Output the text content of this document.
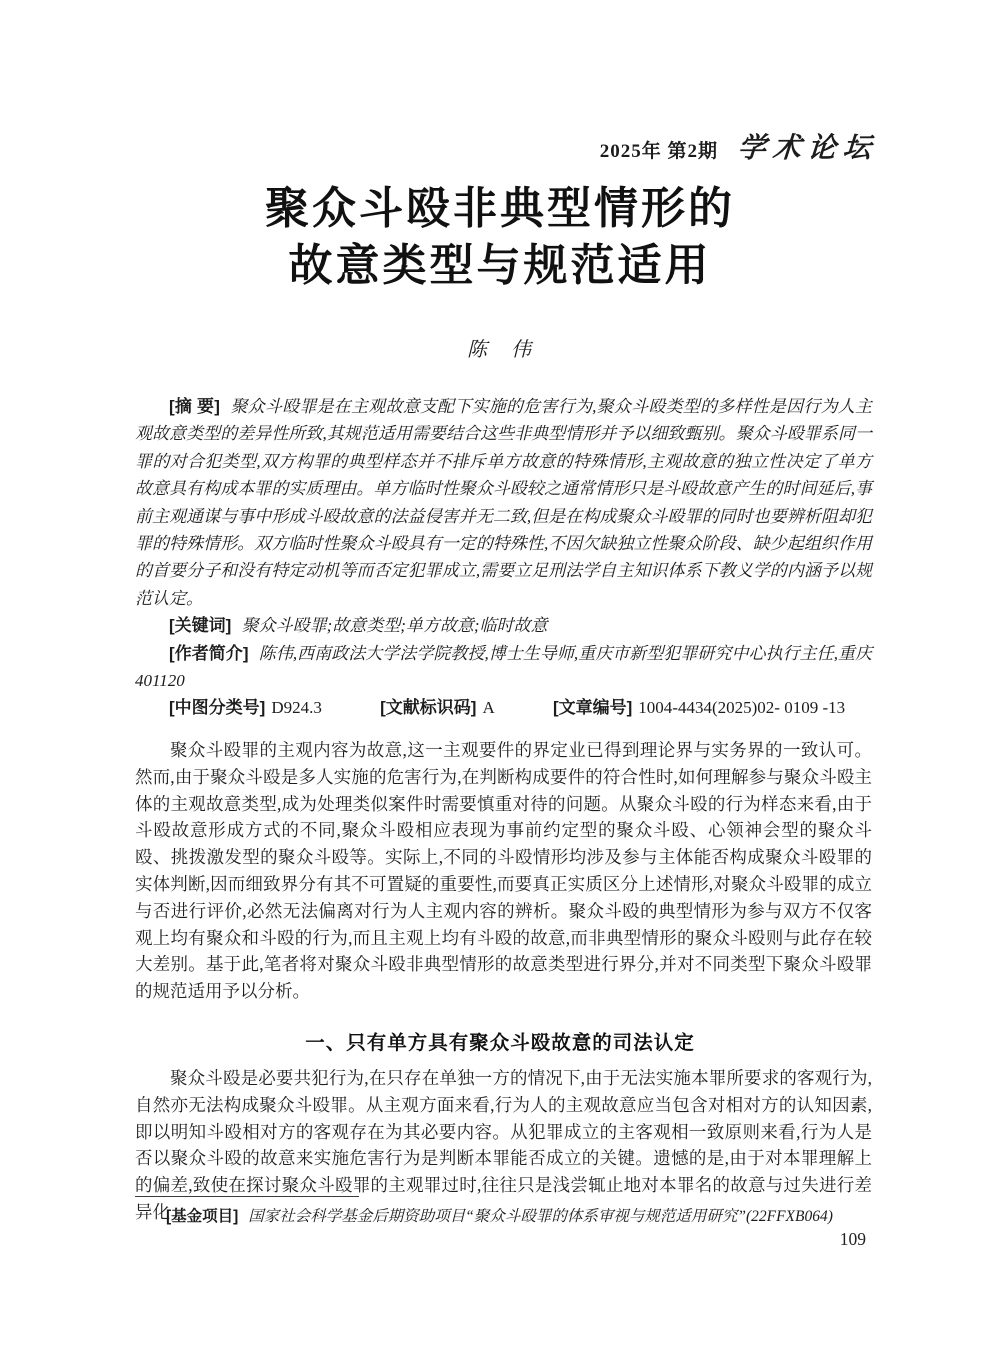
2025年 第2期 学术论坛
聚众斗殴非典型情形的
故意类型与规范适用
陈　伟

[摘 要] 聚众斗殴罪是在主观故意支配下实施的危害行为,聚众斗殴类型的多样性是因行为人主观故意类型的差异性所致,其规范适用需要结合这些非典型情形并予以细致甄别。聚众斗殴罪系同一罪的对合犯类型,双方构罪的典型样态并不排斥单方故意的特殊情形,主观故意的独立性决定了单方故意具有构成本罪的实质理由。单方临时性聚众斗殴较之通常情形只是斗殴故意产生的时间延后,事前主观通谋与事中形成斗殴故意的法益侵害并无二致,但是在构成聚众斗殴罪的同时也要辨析阻却犯罪的特殊情形。双方临时性聚众斗殴具有一定的特殊性,不因欠缺独立性聚众阶段、缺少起组织作用的首要分子和没有特定动机等而否定犯罪成立,需要立足刑法学自主知识体系下教义学的内涵予以规范认定。

[关键词] 聚众斗殴罪;故意类型;单方故意;临时故意

[作者简介] 陈伟,西南政法大学法学院教授,博士生导师,重庆市新型犯罪研究中心执行主任,重庆　401120

[中图分类号] D924.3	[文献标识码] A	[文章编号] 1004-4434(2025)02- 0109 -13

聚众斗殴罪的主观内容为故意,这一主观要件的界定业已得到理论界与实务界的一致认可。然而,由于聚众斗殴是多人实施的危害行为,在判断构成要件的符合性时,如何理解参与聚众斗殴主体的主观故意类型,成为处理类似案件时需要慎重对待的问题。从聚众斗殴的行为样态来看,由于斗殴故意形成方式的不同,聚众斗殴相应表现为事前约定型的聚众斗殴、心领神会型的聚众斗殴、挑拨激发型的聚众斗殴等。实际上,不同的斗殴情形均涉及参与主体能否构成聚众斗殴罪的实体判断,因而细致界分有其不可置疑的重要性,而要真正实质区分上述情形,对聚众斗殴罪的成立与否进行评价,必然无法偏离对行为人主观内容的辨析。聚众斗殴的典型情形为参与双方不仅客观上均有聚众和斗殴的行为,而且主观上均有斗殴的故意,而非典型情形的聚众斗殴则与此存在较大差别。基于此,笔者将对聚众斗殴非典型情形的故意类型进行界分,并对不同类型下聚众斗殴罪的规范适用予以分析。

一、只有单方具有聚众斗殴故意的司法认定

聚众斗殴是必要共犯行为,在只存在单独一方的情况下,由于无法实施本罪所要求的客观行为,自然亦无法构成聚众斗殴罪。从主观方面来看,行为人的主观故意应当包含对相对方的认知因素,即以明知斗殴相对方的客观存在为其必要内容。从犯罪成立的主客观相一致原则来看,行为人是否以聚众斗殴的故意来实施危害行为是判断本罪能否成立的关键。遗憾的是,由于对本罪理解上的偏差,致使在探讨聚众斗殴罪的主观罪过时,往往只是浅尝辄止地对本罪名的故意与过失进行差异化

[基金项目] 国家社会科学基金后期资助项目“聚众斗殴罪的体系审视与规范适用研究”(22FFXB064)

109
